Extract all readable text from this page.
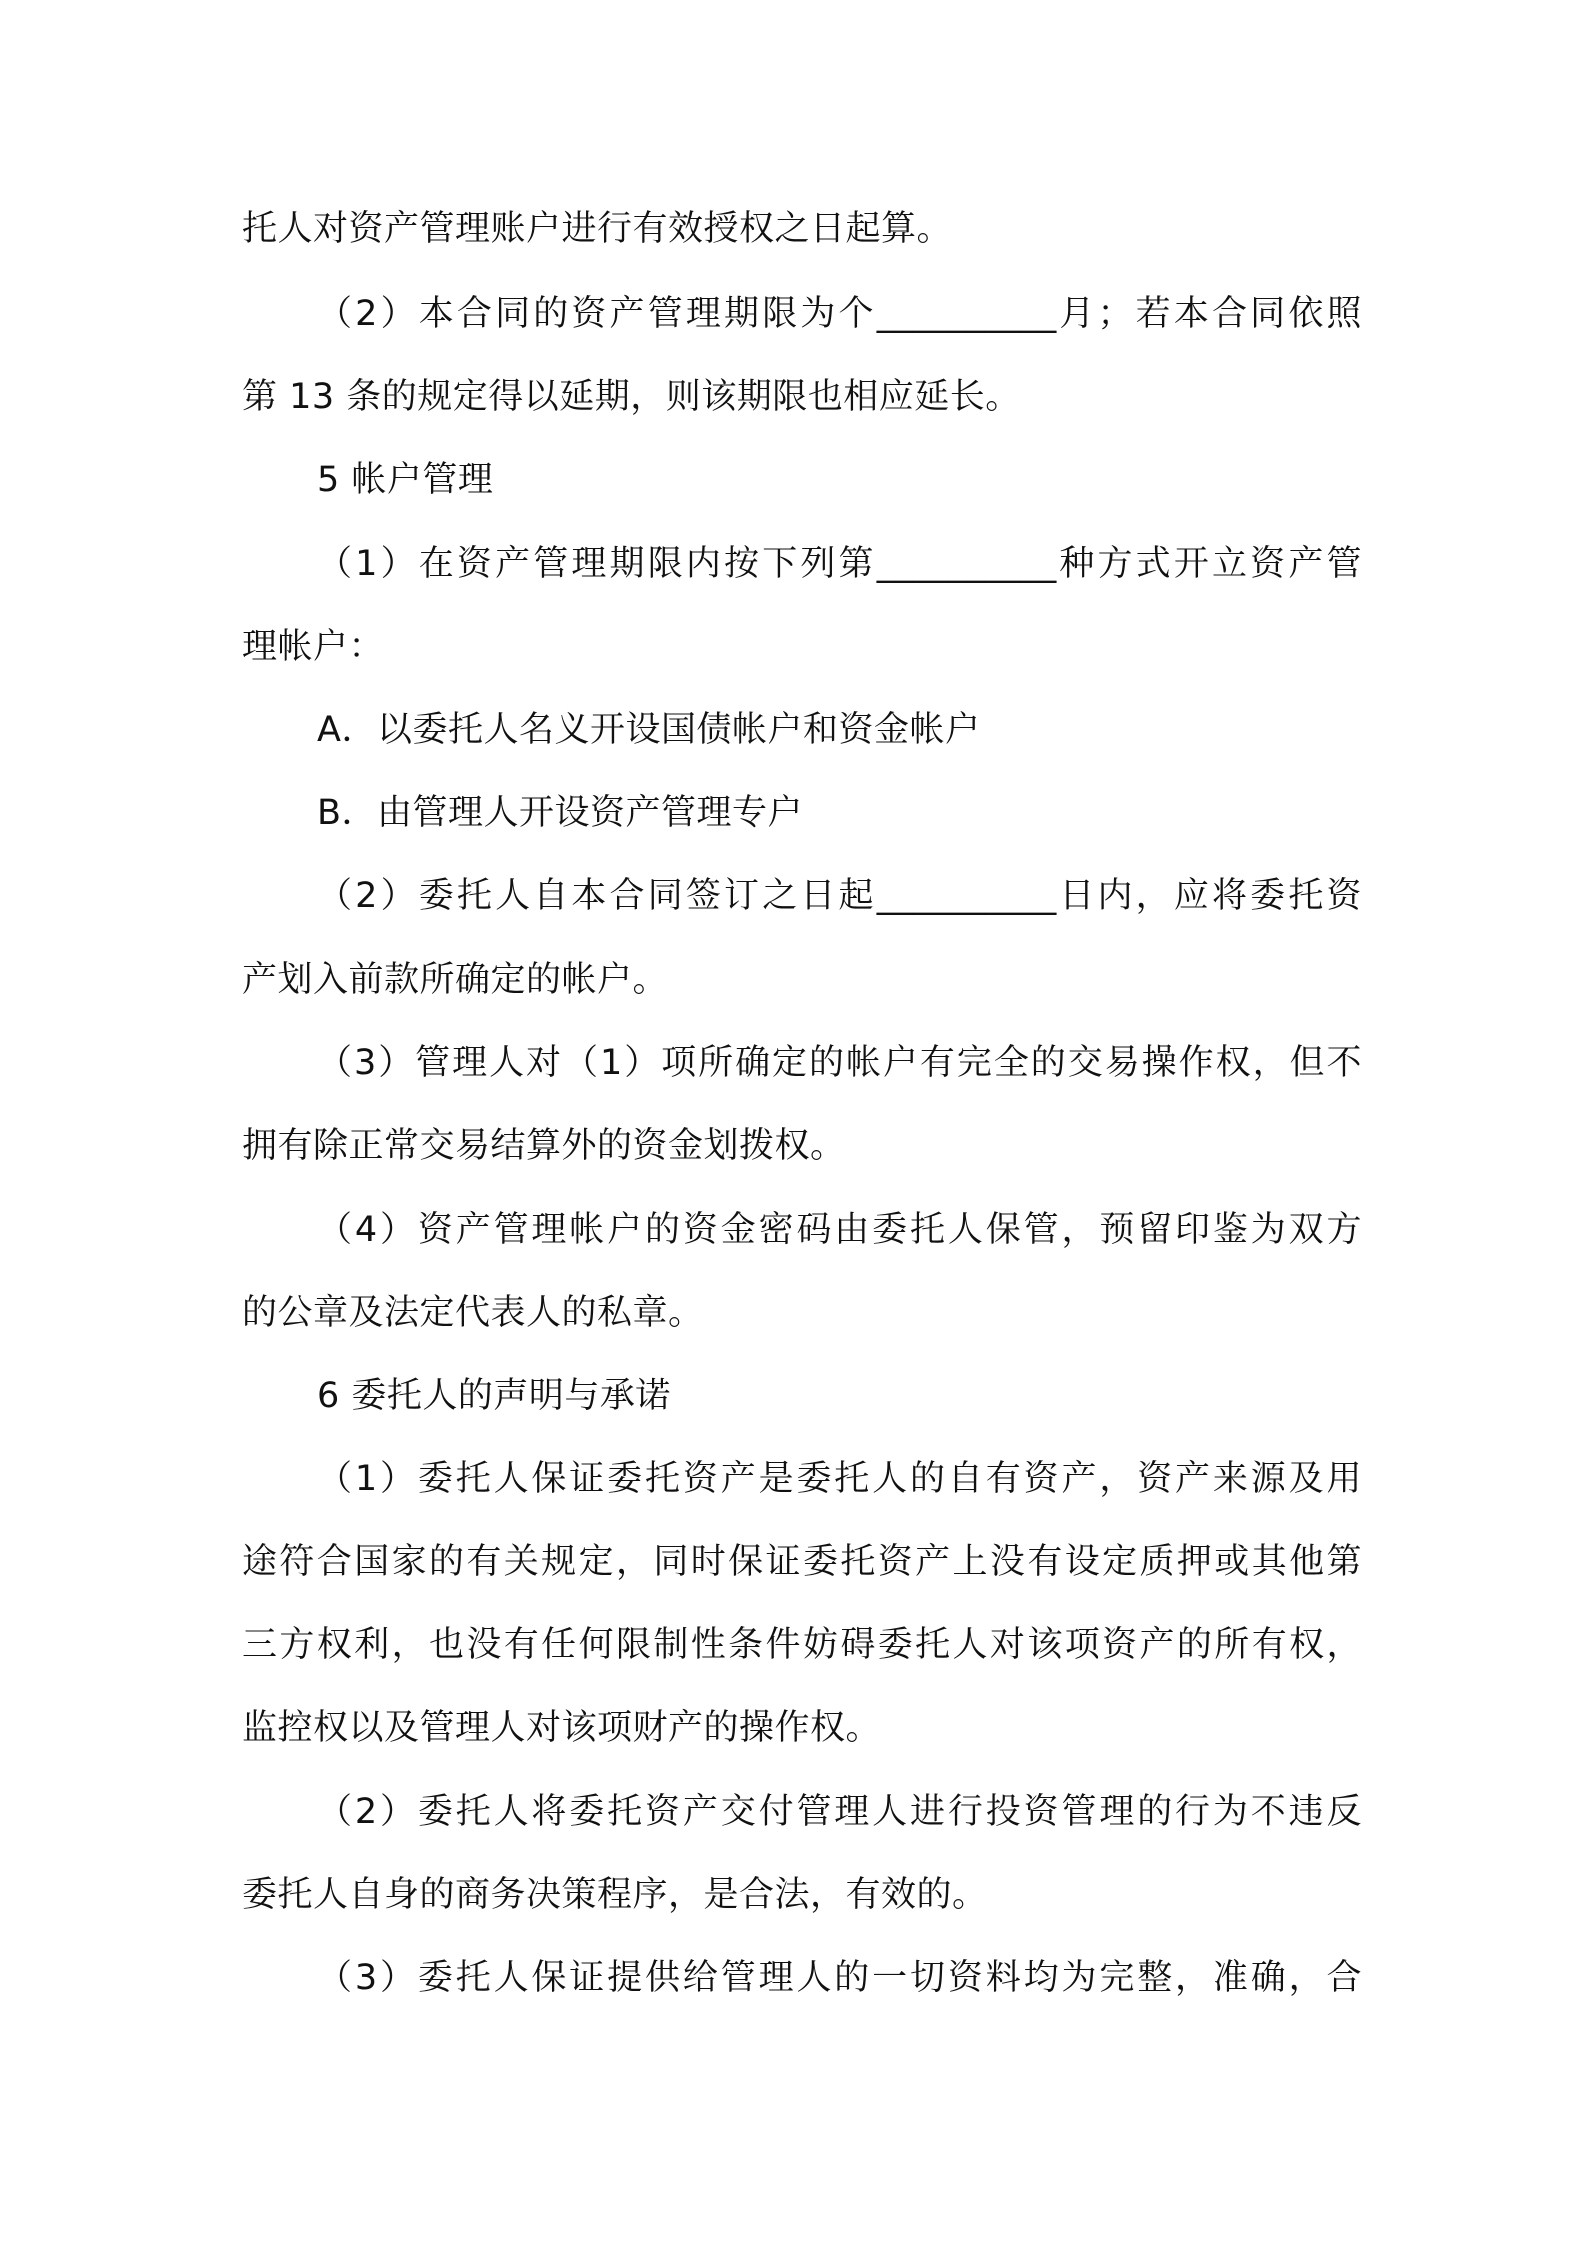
托人对资产管理账户进行有效授权之日起算。
（2）本合同的资产管理期限为个__________月；若本合同依照
第 13 条的规定得以延期，则该期限也相应延长。
5 帐户管理
（1）在资产管理期限内按下列第__________种方式开立资产管
理帐户：
A．以委托人名义开设国债帐户和资金帐户
B．由管理人开设资产管理专户
（2）委托人自本合同签订之日起__________日内，应将委托资
产划入前款所确定的帐户。
（3）管理人对（1）项所确定的帐户有完全的交易操作权，但不
拥有除正常交易结算外的资金划拨权。
（4）资产管理帐户的资金密码由委托人保管，预留印鉴为双方
的公章及法定代表人的私章。
6 委托人的声明与承诺
（1）委托人保证委托资产是委托人的自有资产，资产来源及用
途符合国家的有关规定，同时保证委托资产上没有设定质押或其他第
三方权利，也没有任何限制性条件妨碍委托人对该项资产的所有权，
监控权以及管理人对该项财产的操作权。
（2）委托人将委托资产交付管理人进行投资管理的行为不违反
委托人自身的商务决策程序，是合法，有效的。
（3）委托人保证提供给管理人的一切资料均为完整，准确，合
